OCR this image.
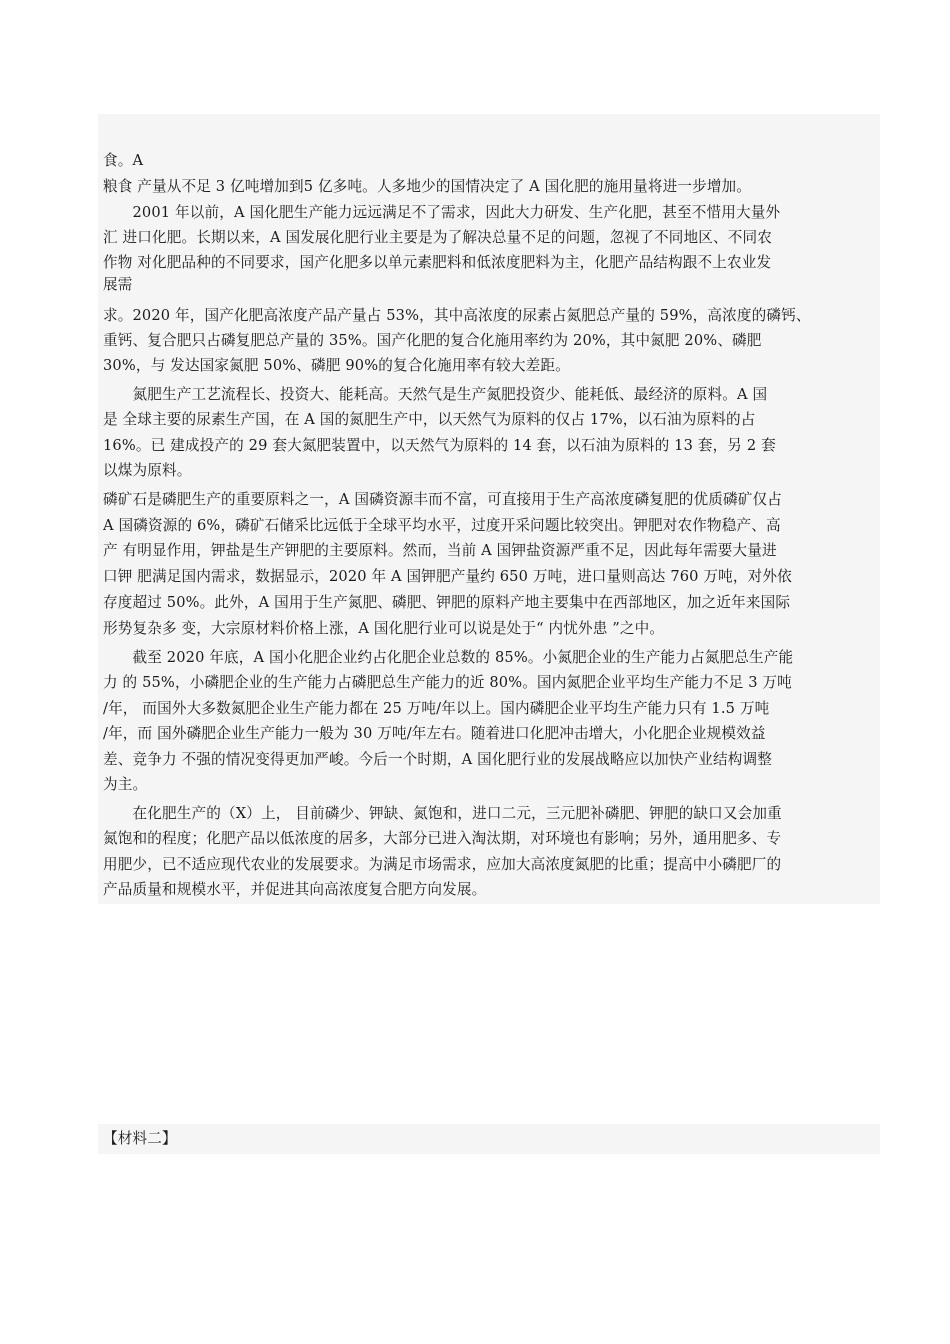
食。A
粮食 产量从不足 3 亿吨增加到5 亿多吨。人多地少的国情决定了 A 国化肥的施用量将进一步增加。
　　2001 年以前，A 国化肥生产能力远远满足不了需求，因此大力研发、生产化肥，甚至不惜用大量外
汇 进口化肥。长期以来，A 国发展化肥行业主要是为了解决总量不足的问题，忽视了不同地区、不同农
作物 对化肥品种的不同要求，国产化肥多以单元素肥料和低浓度肥料为主，化肥产品结构跟不上农业发
展需
求。2020 年，国产化肥高浓度产品产量占 53%，其中高浓度的尿素占氮肥总产量的 59%，高浓度的磷钙、
重钙、复合肥只占磷复肥总产量的 35%。国产化肥的复合化施用率约为 20%，其中氮肥 20%、磷肥
30%，与 发达国家氮肥 50%、磷肥 90%的复合化施用率有较大差距。
　　氮肥生产工艺流程长、投资大、能耗高。天然气是生产氮肥投资少、能耗低、最经济的原料。A 国
是 全球主要的尿素生产国，在 A 国的氮肥生产中，以天然气为原料的仅占 17%，以石油为原料的占
16%。已 建成投产的 29 套大氮肥装置中，以天然气为原料的 14 套，以石油为原料的 13 套，另 2 套
以煤为原料。
磷矿石是磷肥生产的重要原料之一，A 国磷资源丰而不富，可直接用于生产高浓度磷复肥的优质磷矿仅占
A 国磷资源的 6%，磷矿石储采比远低于全球平均水平，过度开采问题比较突出。钾肥对农作物稳产、高
产 有明显作用，钾盐是生产钾肥的主要原料。然而，当前 A 国钾盐资源严重不足，因此每年需要大量进
口钾 肥满足国内需求，数据显示，2020 年 A 国钾肥产量约 650 万吨，进口量则高达 760 万吨，对外依
存度超过 50%。此外，A 国用于生产氮肥、磷肥、钾肥的原料产地主要集中在西部地区，加之近年来国际
形势复杂多 变，大宗原材料价格上涨，A 国化肥行业可以说是处于“ 内忧外患 ”之中。
　　截至 2020 年底，A 国小化肥企业约占化肥企业总数的 85%。小氮肥企业的生产能力占氮肥总生产能
力 的 55%，小磷肥企业的生产能力占磷肥总生产能力的近 80%。国内氮肥企业平均生产能力不足 3 万吨
/年， 而国外大多数氮肥企业生产能力都在 25 万吨/年以上。国内磷肥企业平均生产能力只有 1.5 万吨
/年，而 国外磷肥企业生产能力一般为 30 万吨/年左右。随着进口化肥冲击增大，小化肥企业规模效益
差、竞争力 不强的情况变得更加严峻。今后一个时期，A 国化肥行业的发展战略应以加快产业结构调整
为主。
　　在化肥生产的（X）上， 目前磷少、钾缺、氮饱和，进口二元，三元肥补磷肥、钾肥的缺口又会加重
氮饱和的程度；化肥产品以低浓度的居多，大部分已进入淘汰期，对环境也有影响；另外，通用肥多、专
用肥少，已不适应现代农业的发展要求。为满足市场需求，应加大高浓度氮肥的比重；提高中小磷肥厂的
产品质量和规模水平，并促进其向高浓度复合肥方向发展。
【材料二】
